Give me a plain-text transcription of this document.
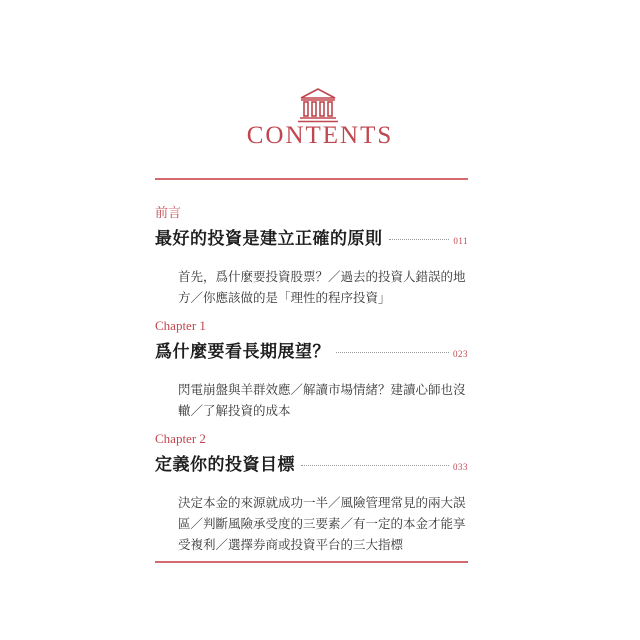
CONTENTS
前言
最好的投資是建立正確的原則	011
首先，爲什麼要投資股票？／過去的投資人錯誤的地方／你應該做的是「理性的程序投資」
Chapter 1
爲什麼要看長期展望？	023
閃電崩盤與羊群效應／解讀市場情緒？建讀心師也沒轍／了解投資的成本
Chapter 2
定義你的投資目標	033
決定本金的來源就成功一半／風險管理常見的兩大誤區／判斷風險承受度的三要素／有一定的本金才能享受複利／選擇券商或投資平台的三大指標
